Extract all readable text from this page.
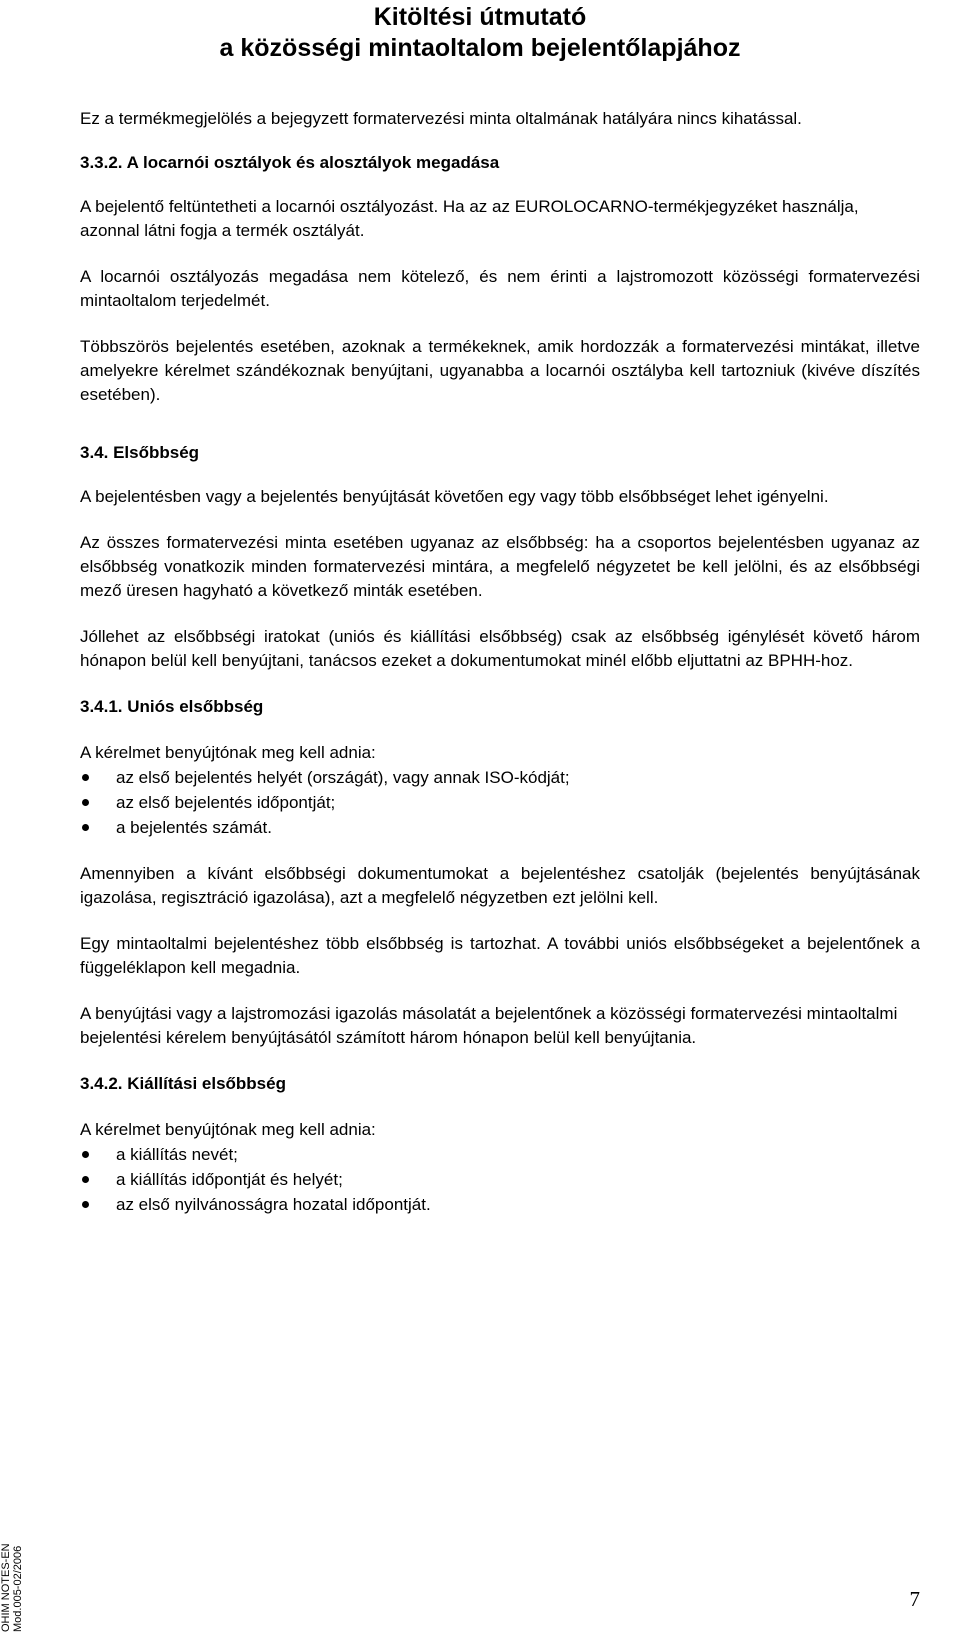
Kitöltési útmutató
a közösségi mintaoltalom bejelentőlapjához

Ez a termékmegjelölés a bejegyzett formatervezési minta oltalmának hatályára nincs kihatással.

3.3.2. A locarnói osztályok és alosztályok megadása

A bejelentő feltüntetheti a locarnói osztályozást. Ha az az EUROLOCARNO-termékjegyzéket használja, azonnal látni fogja a termék osztályát.

A locarnói osztályozás megadása nem kötelező, és nem érinti a lajstromozott közösségi formatervezési mintaoltalom terjedelmét.

Többszörös bejelentés esetében, azoknak a termékeknek, amik hordozzák a formatervezési mintákat, illetve amelyekre kérelmet szándékoznak benyújtani, ugyanabba a locarnói osztályba kell tartozniuk (kivéve díszítés esetében).

3.4. Elsőbbség

A bejelentésben vagy a bejelentés benyújtását követően egy vagy több elsőbbséget lehet igényelni.

Az összes formatervezési minta esetében ugyanaz az elsőbbség: ha a csoportos bejelentésben ugyanaz az elsőbbség vonatkozik minden formatervezési mintára, a megfelelő négyzetet be kell jelölni, és az elsőbbségi mező üresen hagyható a következő minták esetében.

Jóllehet az elsőbbségi iratokat (uniós és kiállítási elsőbbség) csak az elsőbbség igénylését követő három hónapon belül kell benyújtani, tanácsos ezeket a dokumentumokat minél előbb eljuttatni az BPHH-hoz.

3.4.1. Uniós elsőbbség

A kérelmet benyújtónak meg kell adnia:

az első bejelentés helyét (országát), vagy annak ISO-kódját;
az első bejelentés időpontját;
a bejelentés számát.

Amennyiben a kívánt elsőbbségi dokumentumokat a bejelentéshez csatolják (bejelentés benyújtásának igazolása, regisztráció igazolása), azt a megfelelő négyzetben ezt jelölni kell.

Egy mintaoltalmi bejelentéshez több elsőbbség is tartozhat. A további uniós elsőbbségeket a bejelentőnek a függeléklapon kell megadnia.

A benyújtási vagy a lajstromozási igazolás másolatát a bejelentőnek a közösségi formatervezési mintaoltalmi bejelentési kérelem benyújtásától számított három hónapon belül kell benyújtania.

3.4.2. Kiállítási elsőbbség

A kérelmet benyújtónak meg kell adnia:

a kiállítás nevét;
a kiállítás időpontját és helyét;
az első nyilvánosságra hozatal időpontját.
OHIM NOTES-EN Mod.005-02/2006	7
